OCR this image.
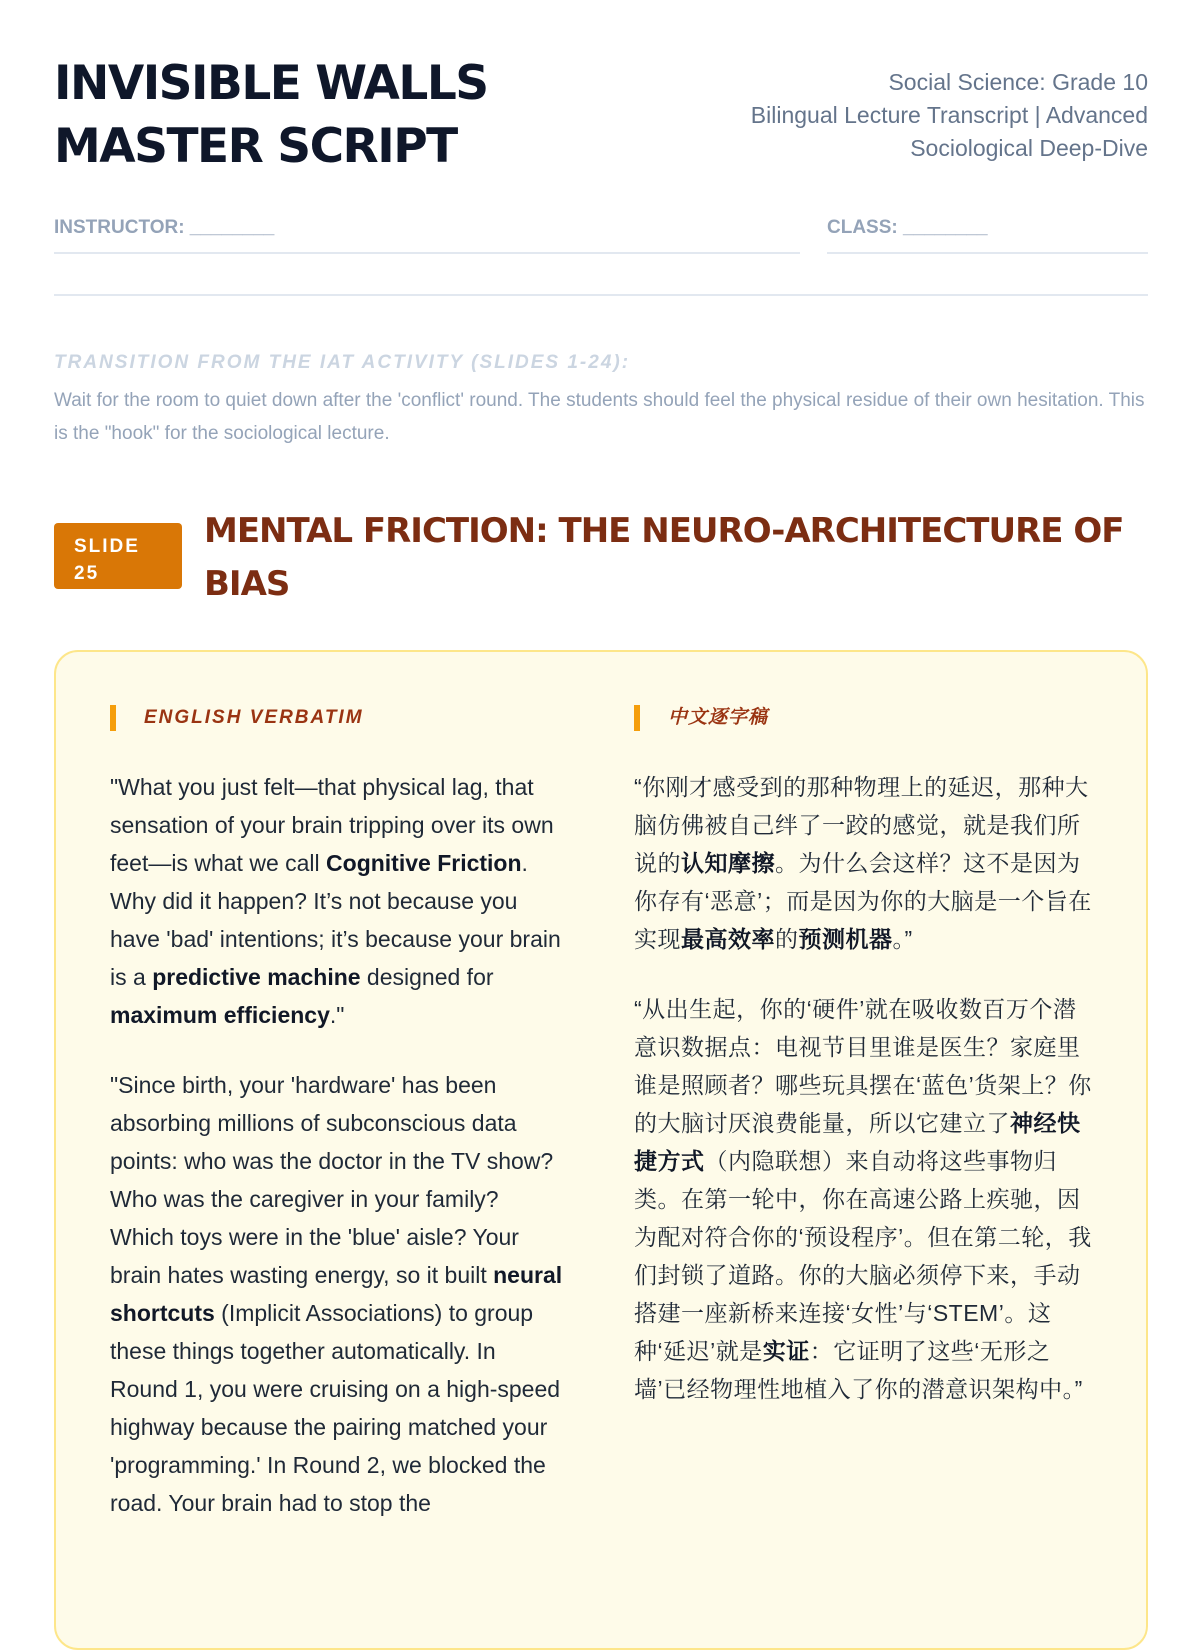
INVISIBLE WALLS
MASTER SCRIPT
Social Science: Grade 10
Bilingual Lecture Transcript | Advanced
Sociological Deep-Dive
INSTRUCTOR: ________	CLASS: ________
TRANSITION FROM THE IAT ACTIVITY (SLIDES 1-24):
Wait for the room to quiet down after the 'conflict' round. The students should feel the physical residue of their own hesitation. This is the "hook" for the sociological lecture.
SLIDE
25
MENTAL FRICTION: THE NEURO-ARCHITECTURE OF BIAS
ENGLISH VERBATIM

"What you just felt—that physical lag, that sensation of your brain tripping over its own feet—is what we call Cognitive Friction. Why did it happen? It’s not because you have 'bad' intentions; it’s because your brain is a predictive machine designed for maximum efficiency."

"Since birth, your 'hardware' has been absorbing millions of subconscious data points: who was the doctor in the TV show? Who was the caregiver in your family? Which toys were in the 'blue' aisle? Your brain hates wasting energy, so it built neural shortcuts (Implicit Associations) to group these things together automatically. In Round 1, you were cruising on a high-speed highway because the pairing matched your 'programming.' In Round 2, we blocked the road. Your brain had to stop the

中文逐字稿

“你刚才感受到的那种物理上的延迟，那种大脑仿佛被自己绊了一跤的感觉，就是我们所说的认知摩擦。为什么会这样？这不是因为你存有‘恶意’；而是因为你的大脑是一个旨在实现最高效率的预测机器。”

“从出生起，你的‘硬件’就在吸收数百万个潜意识数据点：电视节目里谁是医生？家庭里谁是照顾者？哪些玩具摆在‘蓝色’货架上？你的大脑讨厌浪费能量，所以它建立了神经快捷方式（内隐联想）来自动将这些事物归类。在第一轮中，你在高速公路上疾驰，因为配对符合你的‘预设程序’。但在第二轮，我们封锁了道路。你的大脑必须停下来，手动搭建一座新桥来连接‘女性’与‘STEM’。这种‘延迟’就是实证：它证明了这些‘无形之墙’已经物理性地植入了你的潜意识架构中。”
